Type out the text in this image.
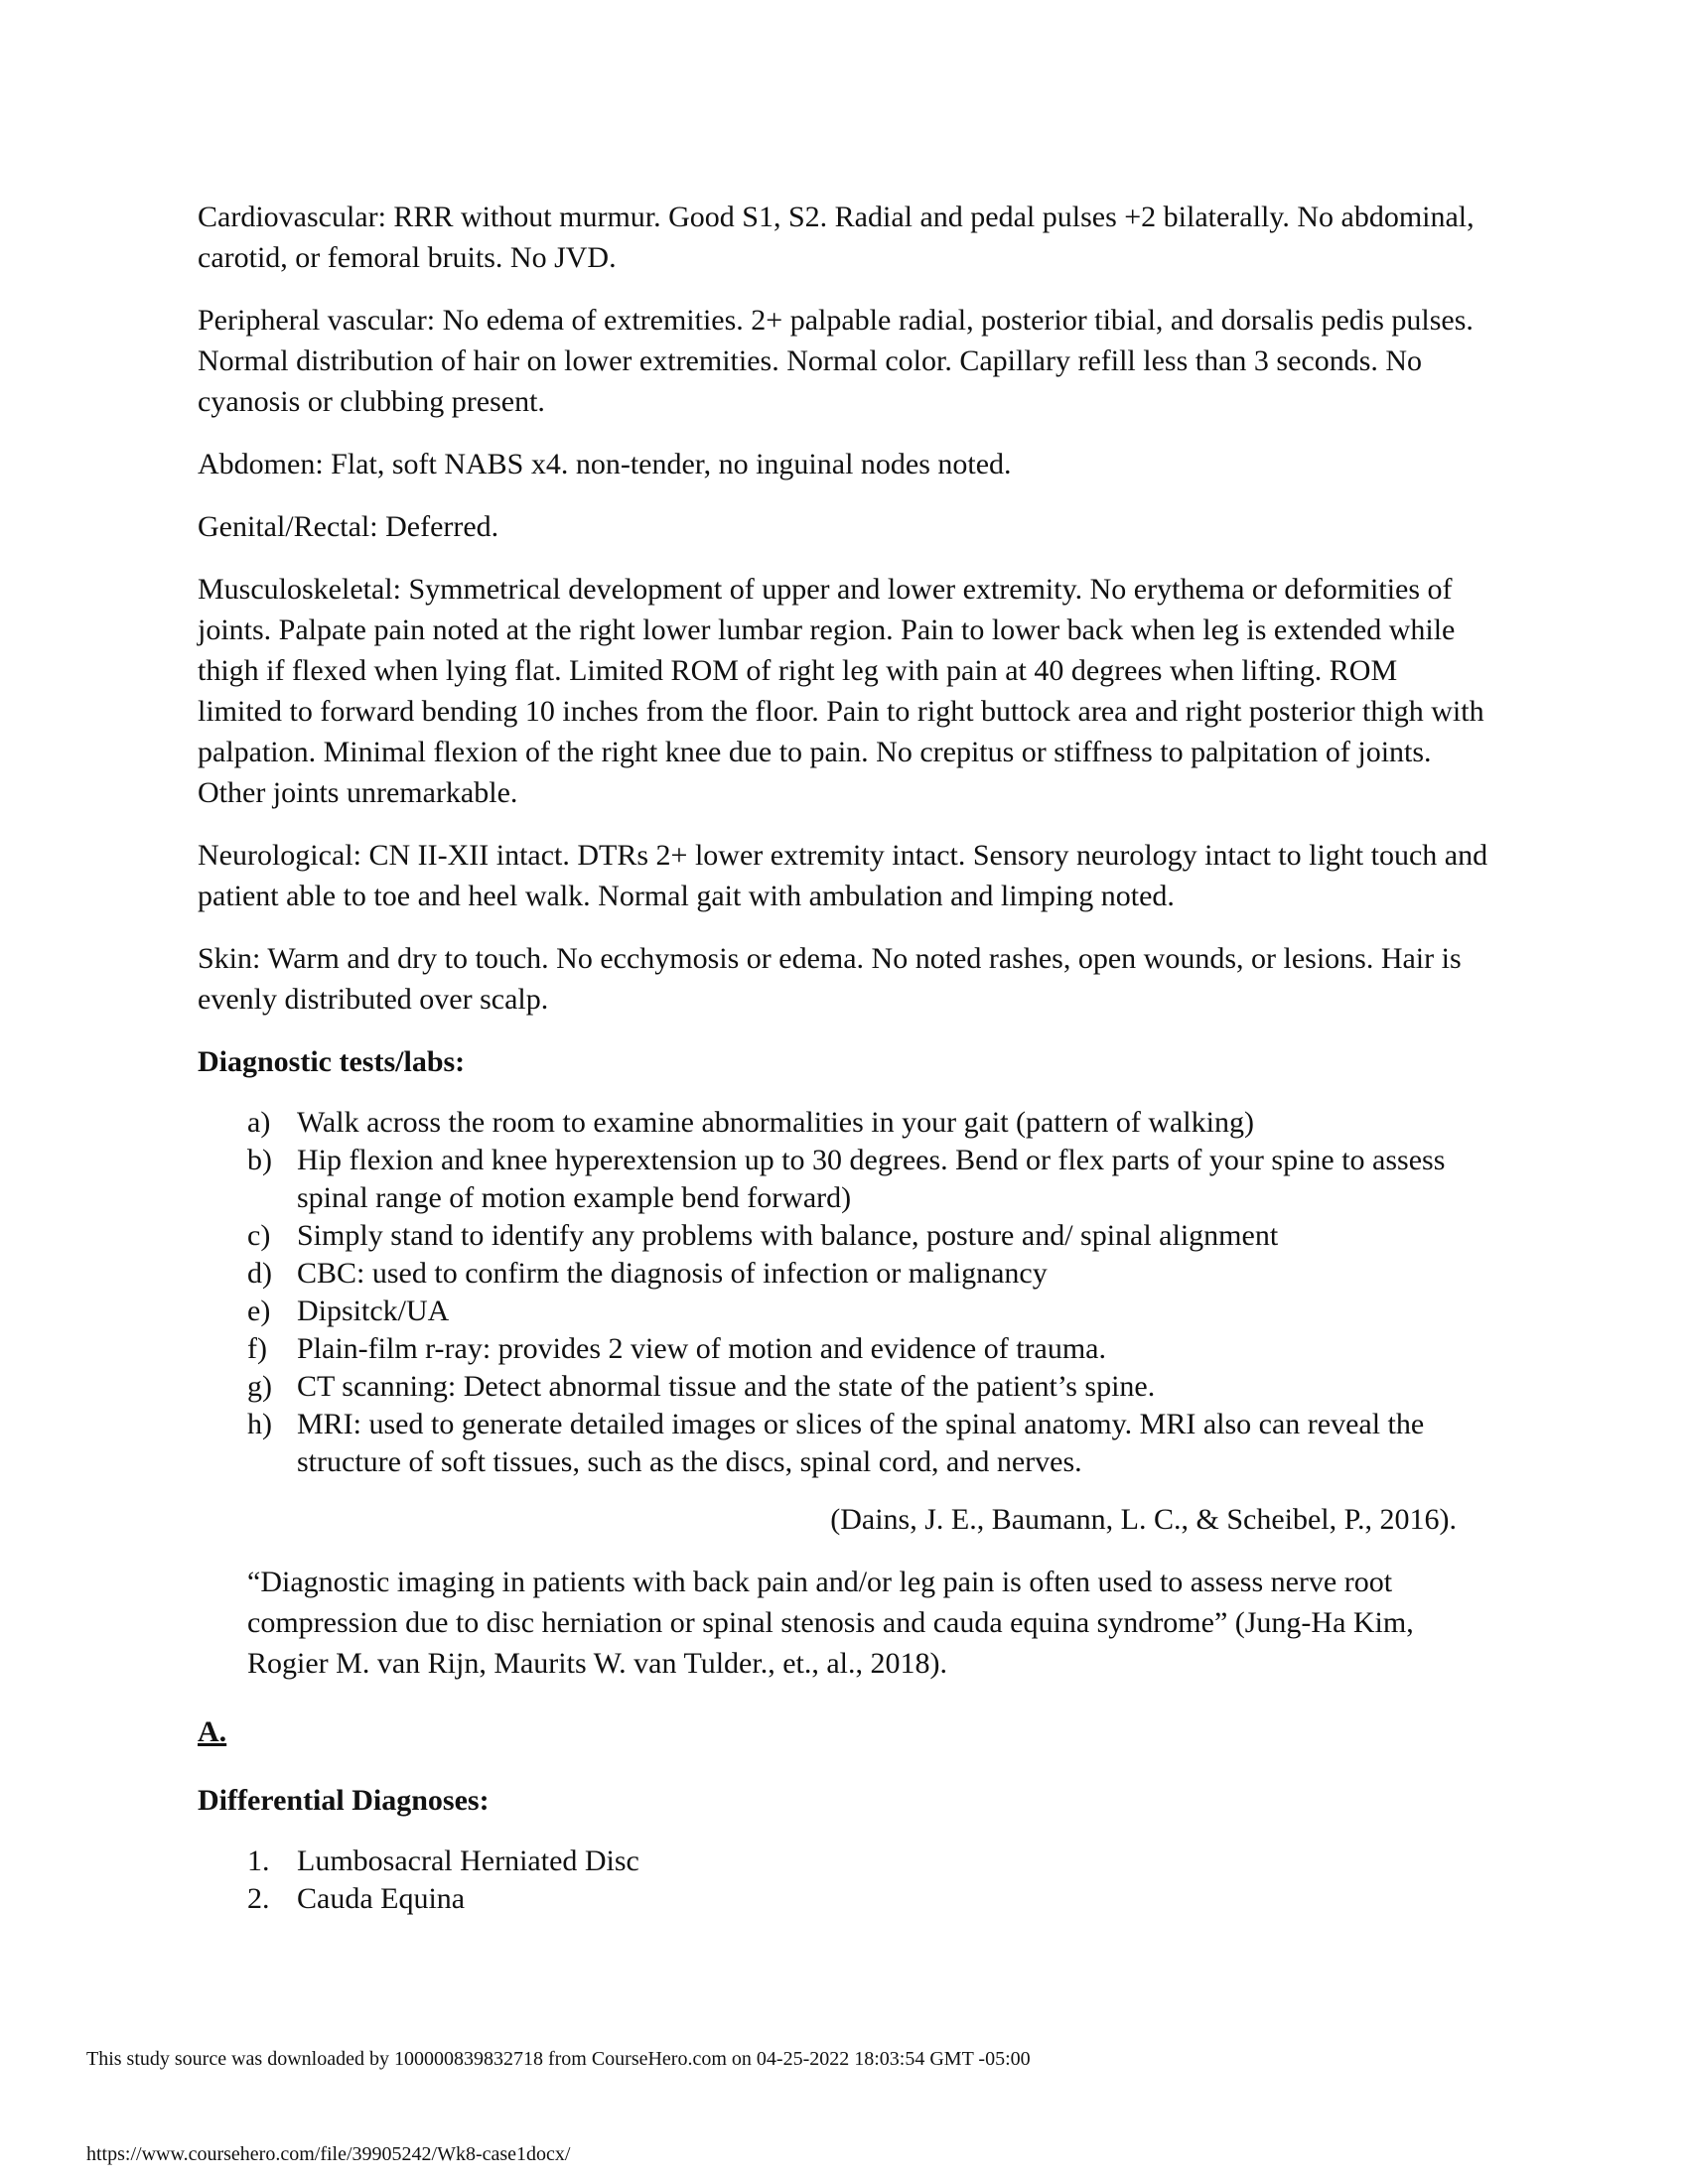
Cardiovascular: RRR without murmur. Good S1, S2. Radial and pedal pulses +2 bilaterally. No abdominal, carotid, or femoral bruits. No JVD.

Peripheral vascular: No edema of extremities. 2+ palpable radial, posterior tibial, and dorsalis pedis pulses. Normal distribution of hair on lower extremities. Normal color. Capillary refill less than 3 seconds. No cyanosis or clubbing present.

Abdomen: Flat, soft NABS x4. non-tender, no inguinal nodes noted.

Genital/Rectal: Deferred.

Musculoskeletal: Symmetrical development of upper and lower extremity. No erythema or deformities of joints. Palpate pain noted at the right lower lumbar region. Pain to lower back when leg is extended while thigh if flexed when lying flat. Limited ROM of right leg with pain at 40 degrees when lifting. ROM limited to forward bending 10 inches from the floor. Pain to right buttock area and right posterior thigh with palpation. Minimal flexion of the right knee due to pain. No crepitus or stiffness to palpitation of joints. Other joints unremarkable.

Neurological: CN II-XII intact. DTRs 2+ lower extremity intact. Sensory neurology intact to light touch and patient able to toe and heel walk. Normal gait with ambulation and limping noted.

Skin: Warm and dry to touch. No ecchymosis or edema. No noted rashes, open wounds, or lesions. Hair is evenly distributed over scalp.

Diagnostic tests/labs:

a) Walk across the room to examine abnormalities in your gait (pattern of walking)
b) Hip flexion and knee hyperextension up to 30 degrees. Bend or flex parts of your spine to assess spinal range of motion example bend forward)
c) Simply stand to identify any problems with balance, posture and/ spinal alignment
d) CBC: used to confirm the diagnosis of infection or malignancy
e) Dipsitck/UA
f) Plain-film r-ray: provides 2 view of motion and evidence of trauma.
g) CT scanning: Detect abnormal tissue and the state of the patient’s spine.
h) MRI: used to generate detailed images or slices of the spinal anatomy. MRI also can reveal the structure of soft tissues, such as the discs, spinal cord, and nerves.

(Dains, J. E., Baumann, L. C., & Scheibel, P., 2016).

“Diagnostic imaging in patients with back pain and/or leg pain is often used to assess nerve root compression due to disc herniation or spinal stenosis and cauda equina syndrome” (Jung-Ha Kim, Rogier M. van Rijn, Maurits W. van Tulder., et., al., 2018).

A.

Differential Diagnoses:

1. Lumbosacral Herniated Disc
2. Cauda Equina
This study source was downloaded by 100000839832718 from CourseHero.com on 04-25-2022 18:03:54 GMT -05:00
https://www.coursehero.com/file/39905242/Wk8-case1docx/
